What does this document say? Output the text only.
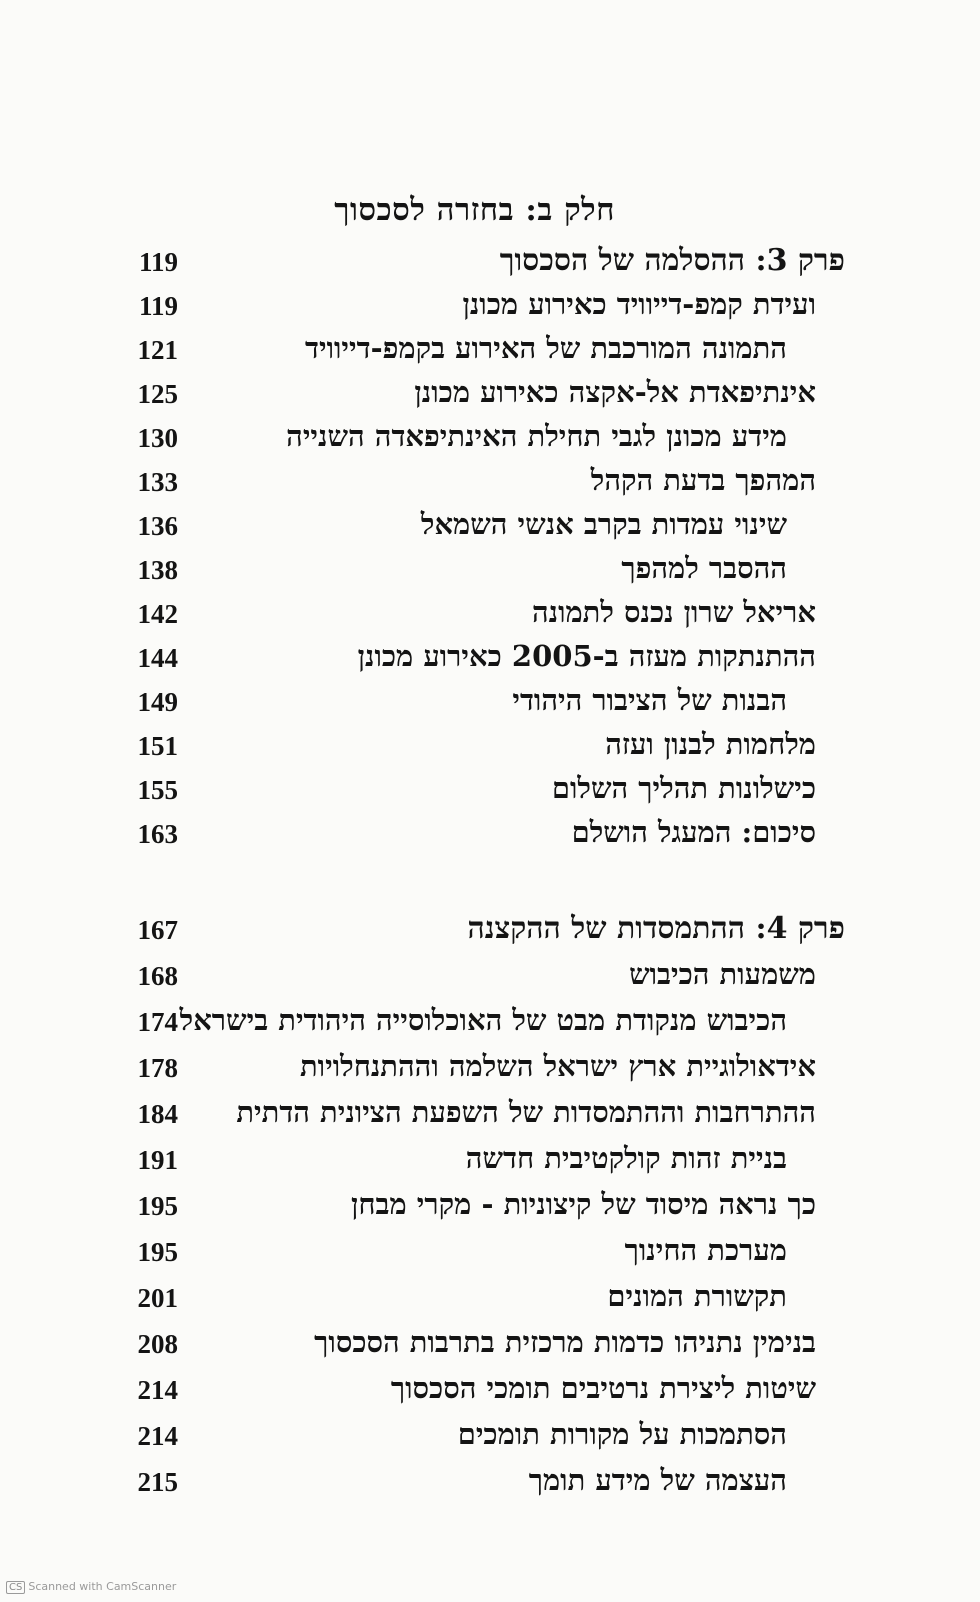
חלק ב: בחזרה לסכסוך
פרק 3: ההסלמה של הסכסוך
119
ועידת קמפ-דייוויד כאירוע מכונן
119
התמונה המורכבת של האירוע בקמפ-דייוויד
121
אינתיפאדת אל-אקצה כאירוע מכונן
125
מידע מכונן לגבי תחילת האינתיפאדה השנייה
130
המהפך בדעת הקהל
133
שינוי עמדות בקרב אנשי השמאל
136
ההסבר למהפך
138
אריאל שרון נכנס לתמונה
142
ההתנתקות מעזה ב-2005 כאירוע מכונן
144
הבנות של הציבור היהודי
149
מלחמות לבנון ועזה
151
כישלונות תהליך השלום
155
סיכום: המעגל הושלם
163
פרק 4: ההתמסדות של ההקצנה
167
משמעות הכיבוש
168
הכיבוש מנקודת מבט של האוכלוסייה היהודית בישראל
174
אידאולוגיית ארץ ישראל השלמה וההתנחלויות
178
ההתרחבות וההתמסדות של השפעת הציונית הדתית
184
בניית זהות קולקטיבית חדשה
191
כך נראה מיסוד של קיצוניות - מקרי מבחן
195
מערכת החינוך
195
תקשורת המונים
201
בנימין נתניהו כדמות מרכזית בתרבות הסכסוך
208
שיטות ליצירת נרטיבים תומכי הסכסוך
214
הסתמכות על מקורות תומכים
214
העצמה של מידע תומך
215
CS Scanned with CamScanner
